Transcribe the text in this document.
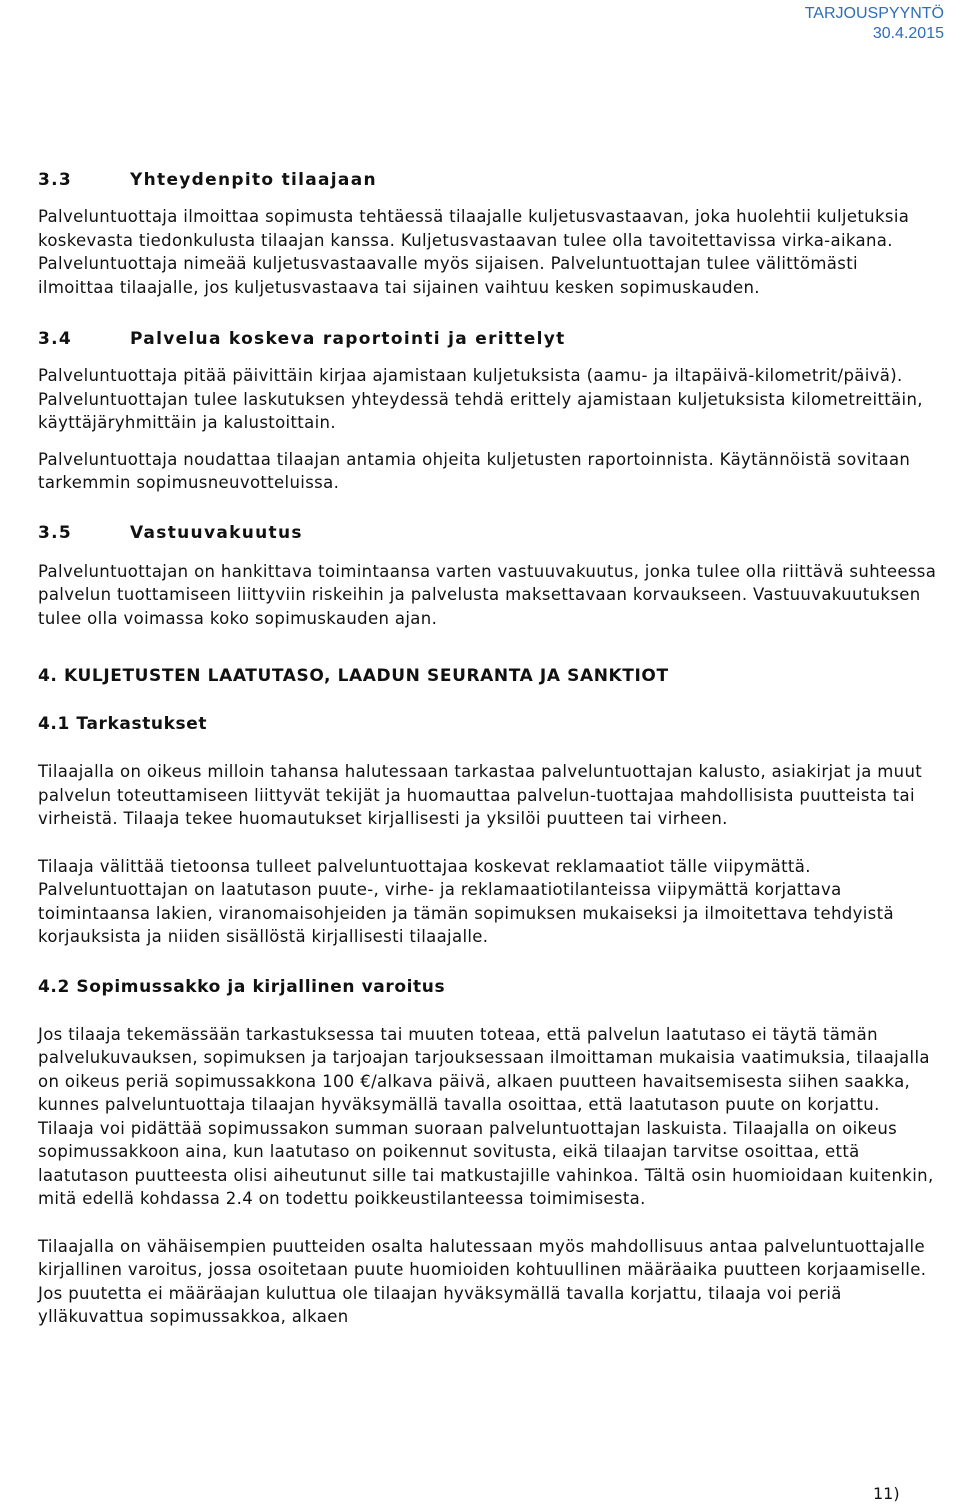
TARJOUSPYYNTÖ
30.4.2015
3.3	Yhteydenpito tilaajaan

Palveluntuottaja ilmoittaa sopimusta tehtäessä tilaajalle kuljetusvastaavan, joka huolehtii kuljetuksia koskevasta tiedonkulusta tilaajan kanssa. Kuljetusvastaavan tulee olla tavoitettavissa virka-aikana. Palveluntuottaja nimeää kuljetusvastaavalle myös sijaisen. Palveluntuottajan tulee välittömästi ilmoittaa tilaajalle, jos kuljetusvastaava tai sijainen vaihtuu kesken sopimuskauden.

3.4	Palvelua koskeva raportointi ja erittelyt

Palveluntuottaja pitää päivittäin kirjaa ajamistaan kuljetuksista (aamu- ja iltapäivä-kilometrit/päivä). Palveluntuottajan tulee laskutuksen yhteydessä tehdä erittely ajamistaan kuljetuksista kilometreittäin, käyttäjäryhmittäin ja kalustoittain.

Palveluntuottaja noudattaa tilaajan antamia ohjeita kuljetusten raportoinnista. Käytännöistä sovitaan tarkemmin sopimusneuvotteluissa.

3.5	Vastuuvakuutus

Palveluntuottajan on hankittava toimintaansa varten vastuuvakuutus, jonka tulee olla riittävä suhteessa palvelun tuottamiseen liittyviin riskeihin ja palvelusta maksettavaan korvaukseen. Vastuuvakuutuksen tulee olla voimassa koko sopimuskauden ajan.

4. KULJETUSTEN LAATUTASO, LAADUN SEURANTA JA SANKTIOT
4.1 Tarkastukset

Tilaajalla on oikeus milloin tahansa halutessaan tarkastaa palveluntuottajan kalusto, asiakirjat ja muut palvelun toteuttamiseen liittyvät tekijät ja huomauttaa palvelun-tuottajaa mahdollisista puutteista tai virheistä. Tilaaja tekee huomautukset kirjallisesti ja yksilöi puutteen tai virheen.

Tilaaja välittää tietoonsa tulleet palveluntuottajaa koskevat reklamaatiot tälle viipymättä. Palveluntuottajan on laatutason puute-, virhe- ja reklamaatiotilanteissa viipymättä korjattava toimintaansa lakien, viranomaisohjeiden ja tämän sopimuksen mukaiseksi ja ilmoitettava tehdyistä korjauksista ja niiden sisällöstä kirjallisesti tilaajalle.

4.2 Sopimussakko ja kirjallinen varoitus

Jos tilaaja tekemässään tarkastuksessa tai muuten toteaa, että palvelun laatutaso ei täytä tämän palvelukuvauksen, sopimuksen ja tarjoajan tarjouksessaan ilmoittaman mukaisia vaatimuksia, tilaajalla on oikeus periä sopimussakkona 100 €/alkava päivä, alkaen puutteen havaitsemisesta siihen saakka, kunnes palveluntuottaja tilaajan hyväksymällä tavalla osoittaa, että laatutason puute on korjattu. Tilaaja voi pidättää sopimussakon summan suoraan palveluntuottajan laskuista. Tilaajalla on oikeus sopimussakkoon aina, kun laatutaso on poikennut sovitusta, eikä tilaajan tarvitse osoittaa, että laatutason puutteesta olisi aiheutunut sille tai matkustajille vahinkoa. Tältä osin huomioidaan kuitenkin, mitä edellä kohdassa 2.4 on todettu poikkeustilanteessa toimimisesta.

Tilaajalla on vähäisempien puutteiden osalta halutessaan myös mahdollisuus antaa palveluntuottajalle kirjallinen varoitus, jossa osoitetaan puute huomioiden kohtuullinen määräaika puutteen korjaamiselle. Jos puutetta ei määräajan kuluttua ole tilaajan hyväksymällä tavalla korjattu, tilaaja voi periä ylläkuvattua sopimussakkoa, alkaen

11)
